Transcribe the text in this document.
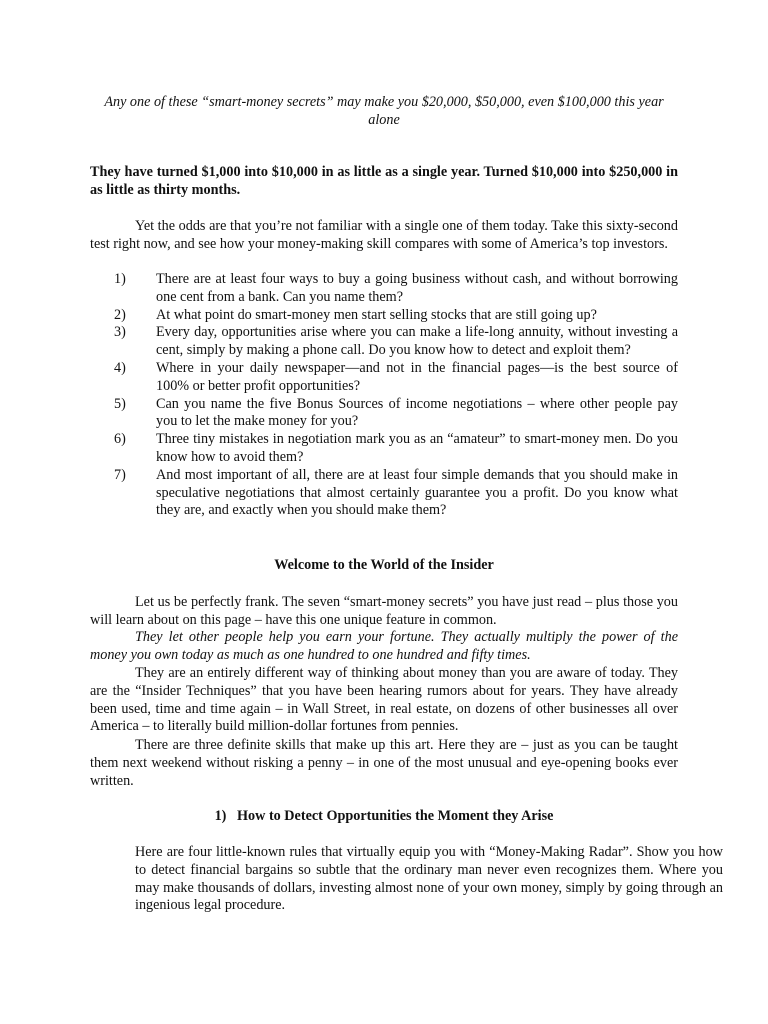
Any one of these “smart-money secrets” may make you $20,000, $50,000, even $100,000 this year alone

They have turned $1,000 into $10,000 in as little as a single year. Turned $10,000 into $250,000 in as little as thirty months.

Yet the odds are that you’re not familiar with a single one of them today. Take this sixty-second test right now, and see how your money-making skill compares with some of America’s top investors.

1)	There are at least four ways to buy a going business without cash, and without borrowing one cent from a bank. Can you name them?
2)	At what point do smart-money men start selling stocks that are still going up?
3)	Every day, opportunities arise where you can make a life-long annuity, without investing a cent, simply by making a phone call. Do you know how to detect and exploit them?
4)	Where in your daily newspaper—and not in the financial pages—is the best source of 100% or better profit opportunities?
5)	Can you name the five Bonus Sources of income negotiations – where other people pay you to let the make money for you?
6)	Three tiny mistakes in negotiation mark you as an “amateur” to smart-money men. Do you know how to avoid them?
7)	And most important of all, there are at least four simple demands that you should make in speculative negotiations that almost certainly guarantee you a profit. Do you know what they are, and exactly when you should make them?
Welcome to the World of the Insider

Let us be perfectly frank. The seven “smart-money secrets” you have just read – plus those you will learn about on this page – have this one unique feature in common.

They let other people help you earn your fortune. They actually multiply the power of the money you own today as much as one hundred to one hundred and fifty times.

They are an entirely different way of thinking about money than you are aware of today. They are the “Insider Techniques” that you have been hearing rumors about for years. They have already been used, time and time again – in Wall Street, in real estate, on dozens of other businesses all over America – to literally build million-dollar fortunes from pennies.

There are three definite skills that make up this art. Here they are – just as you can be taught them next weekend without risking a penny – in one of the most unusual and eye-opening books ever written.

1)   How to Detect Opportunities the Moment they Arise

Here are four little-known rules that virtually equip you with “Money-Making Radar”. Show you how to detect financial bargains so subtle that the ordinary man never even recognizes them. Where you may make thousands of dollars, investing almost none of your own money, simply by going through an ingenious legal procedure.
